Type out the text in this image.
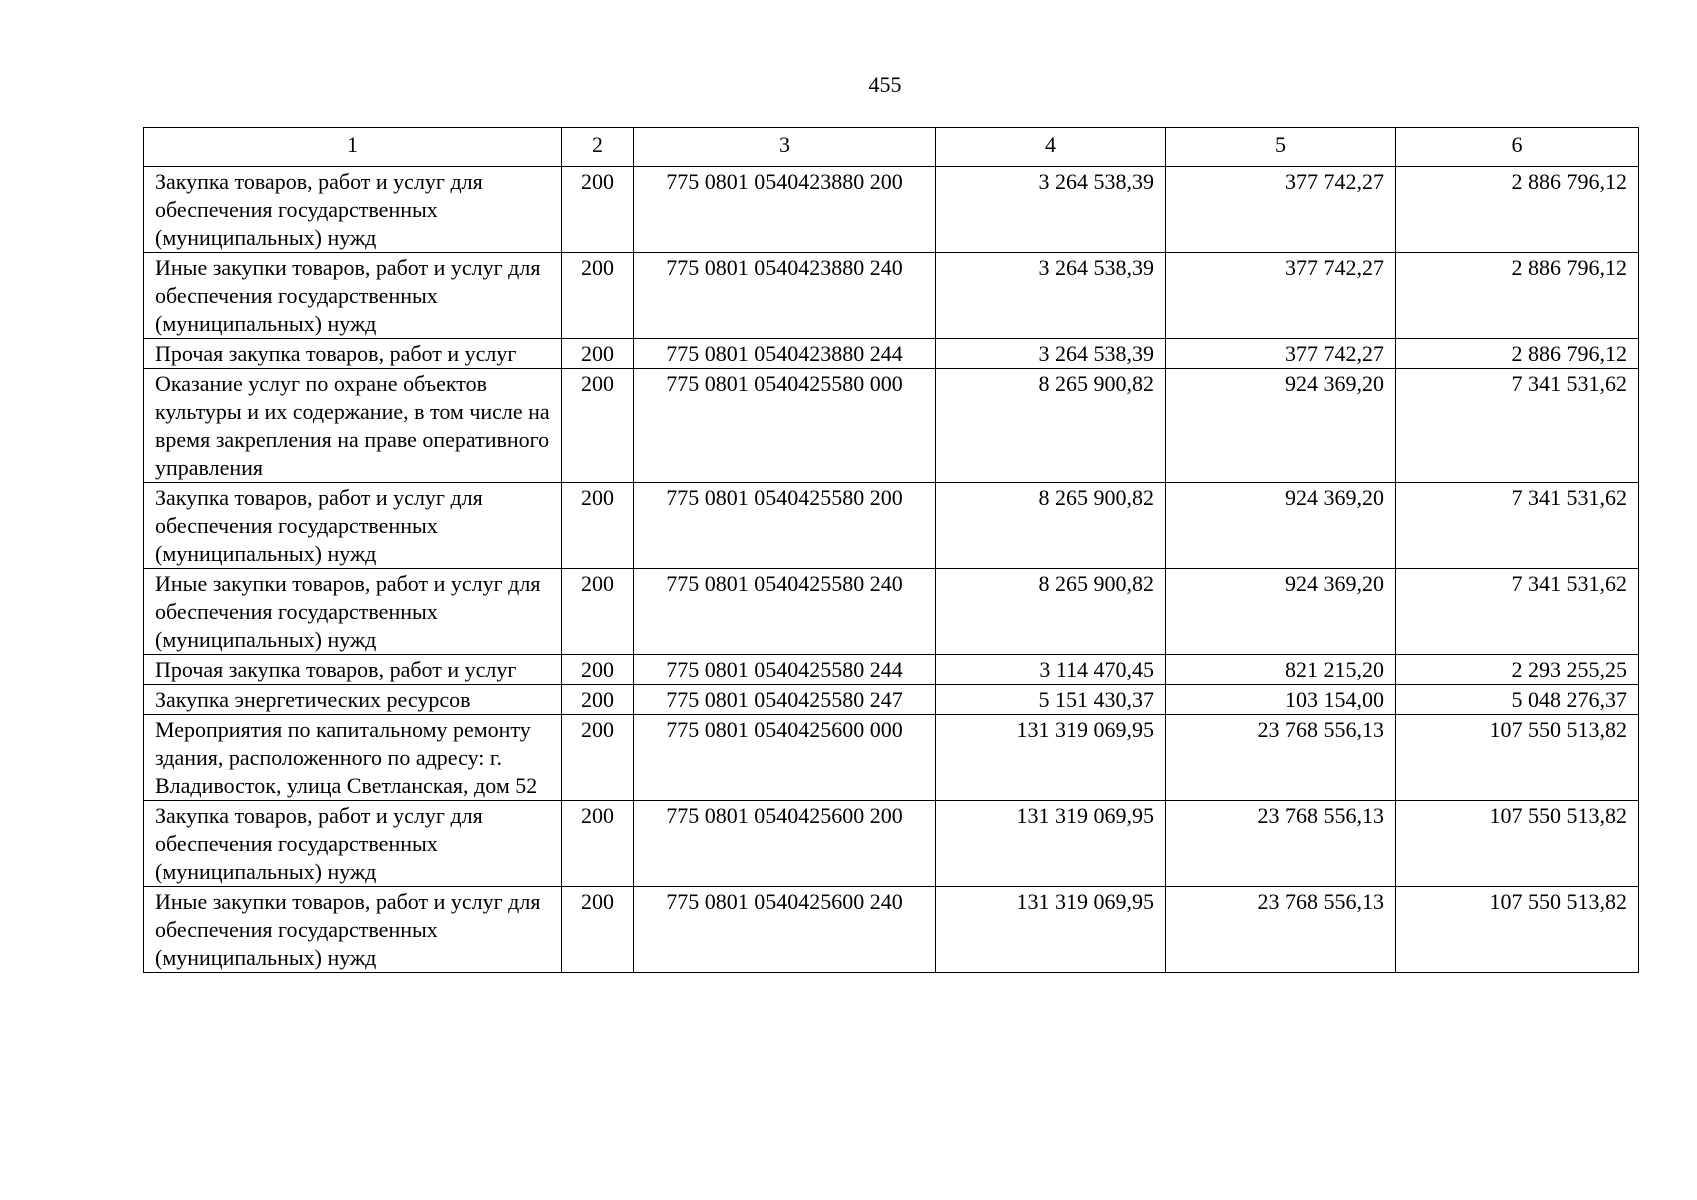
455
1	2	3	4	5	6
Закупка товаров, работ и услуг для обеспечения государственных (муниципальных) нужд	200	775 0801 0540423880 200	3 264 538,39	377 742,27	2 886 796,12
Иные закупки товаров, работ и услуг для обеспечения государственных (муниципальных) нужд	200	775 0801 0540423880 240	3 264 538,39	377 742,27	2 886 796,12
Прочая закупка товаров, работ и услуг	200	775 0801 0540423880 244	3 264 538,39	377 742,27	2 886 796,12
Оказание услуг по охране объектов культуры и их содержание, в том числе на время закрепления на праве оперативного управления	200	775 0801 0540425580 000	8 265 900,82	924 369,20	7 341 531,62
Закупка товаров, работ и услуг для обеспечения государственных (муниципальных) нужд	200	775 0801 0540425580 200	8 265 900,82	924 369,20	7 341 531,62
Иные закупки товаров, работ и услуг для обеспечения государственных (муниципальных) нужд	200	775 0801 0540425580 240	8 265 900,82	924 369,20	7 341 531,62
Прочая закупка товаров, работ и услуг	200	775 0801 0540425580 244	3 114 470,45	821 215,20	2 293 255,25
Закупка энергетических ресурсов	200	775 0801 0540425580 247	5 151 430,37	103 154,00	5 048 276,37
Мероприятия по капитальному ремонту здания, расположенного по адресу: г. Владивосток, улица Светланская, дом 52	200	775 0801 0540425600 000	131 319 069,95	23 768 556,13	107 550 513,82
Закупка товаров, работ и услуг для обеспечения государственных (муниципальных) нужд	200	775 0801 0540425600 200	131 319 069,95	23 768 556,13	107 550 513,82
Иные закупки товаров, работ и услуг для обеспечения государственных (муниципальных) нужд	200	775 0801 0540425600 240	131 319 069,95	23 768 556,13	107 550 513,82
